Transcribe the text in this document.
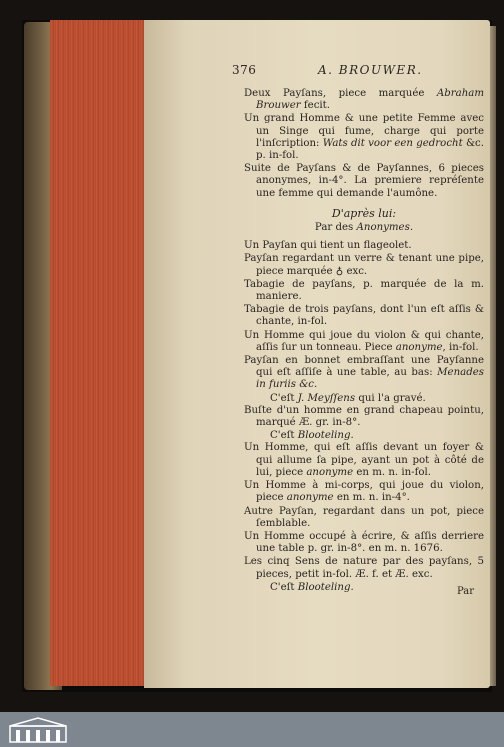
376	A. BROUWER.
Deux Payſans, piece marquée Abraham Brouwer fecit.
Un grand Homme & une petite Femme avec un Singe qui fume, charge qui porte l'inſcription: Wats dit voor een gedrocht &c. p. in-fol.
Suite de Payſans & de Payſannes, 6 pieces anonymes, in-4°. La premiere repréſente une femme qui demande l'aumône.
D'après lui:
Par des Anonymes.
Un Payſan qui tient un flageolet.
Payſan regardant un verre & tenant une pipe, piece marquée ♁ exc.
Tabagie de payſans, p. marquée de la m. maniere.
Tabagie de trois payſans, dont l'un eſt aſſis & chante, in-fol.
Un Homme qui joue du violon & qui chante, aſſis ſur un tonneau. Piece anonyme, in-fol.
Payſan en bonnet embraſſant une Payſanne qui eſt aſſiſe à une table, au bas: Menades in furiis &c.
C'eſt J. Meyſſens qui l'a gravé.
Buſte d'un homme en grand chapeau pointu, marqué Æ. gr. in-8°.
C'eſt Blooteling.
Un Homme, qui eſt aſſis devant un foyer & qui allume ſa pipe, ayant un pot à côté de lui, piece anonyme en m. n. in-fol.
Un Homme à mi-corps, qui joue du violon, piece anonyme en m. n. in-4°.
Autre Payſan, regardant dans un pot, piece ſemblable.
Un Homme occupé à écrire, & aſſis derriere une table p. gr. in-8°. en m. n. 1676.
Les cinq Sens de nature par des payſans, 5 pieces, petit in-fol. Æ. f. et Æ. exc.
C'eſt Blooteling.	Par
